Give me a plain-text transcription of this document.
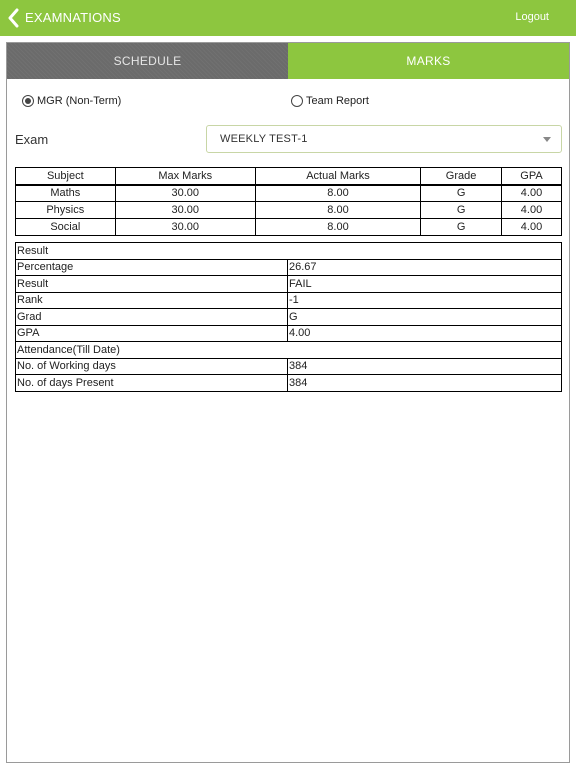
EXAMNATIONS	Logout
SCHEDULE	MARKS
MGR (Non-Term)	Team Report
Exam	WEEKLY TEST-1
Subject	Max Marks	Actual Marks	Grade	GPA
Maths	30.00	8.00	G	4.00
Physics	30.00	8.00	G	4.00
Social	30.00	8.00	G	4.00
Result	
Percentage	26.67
Result	FAIL
Rank	-1
Grad	G
GPA	4.00
Attendance(Till Date)	
No. of Working days	384
No. of days Present	384
